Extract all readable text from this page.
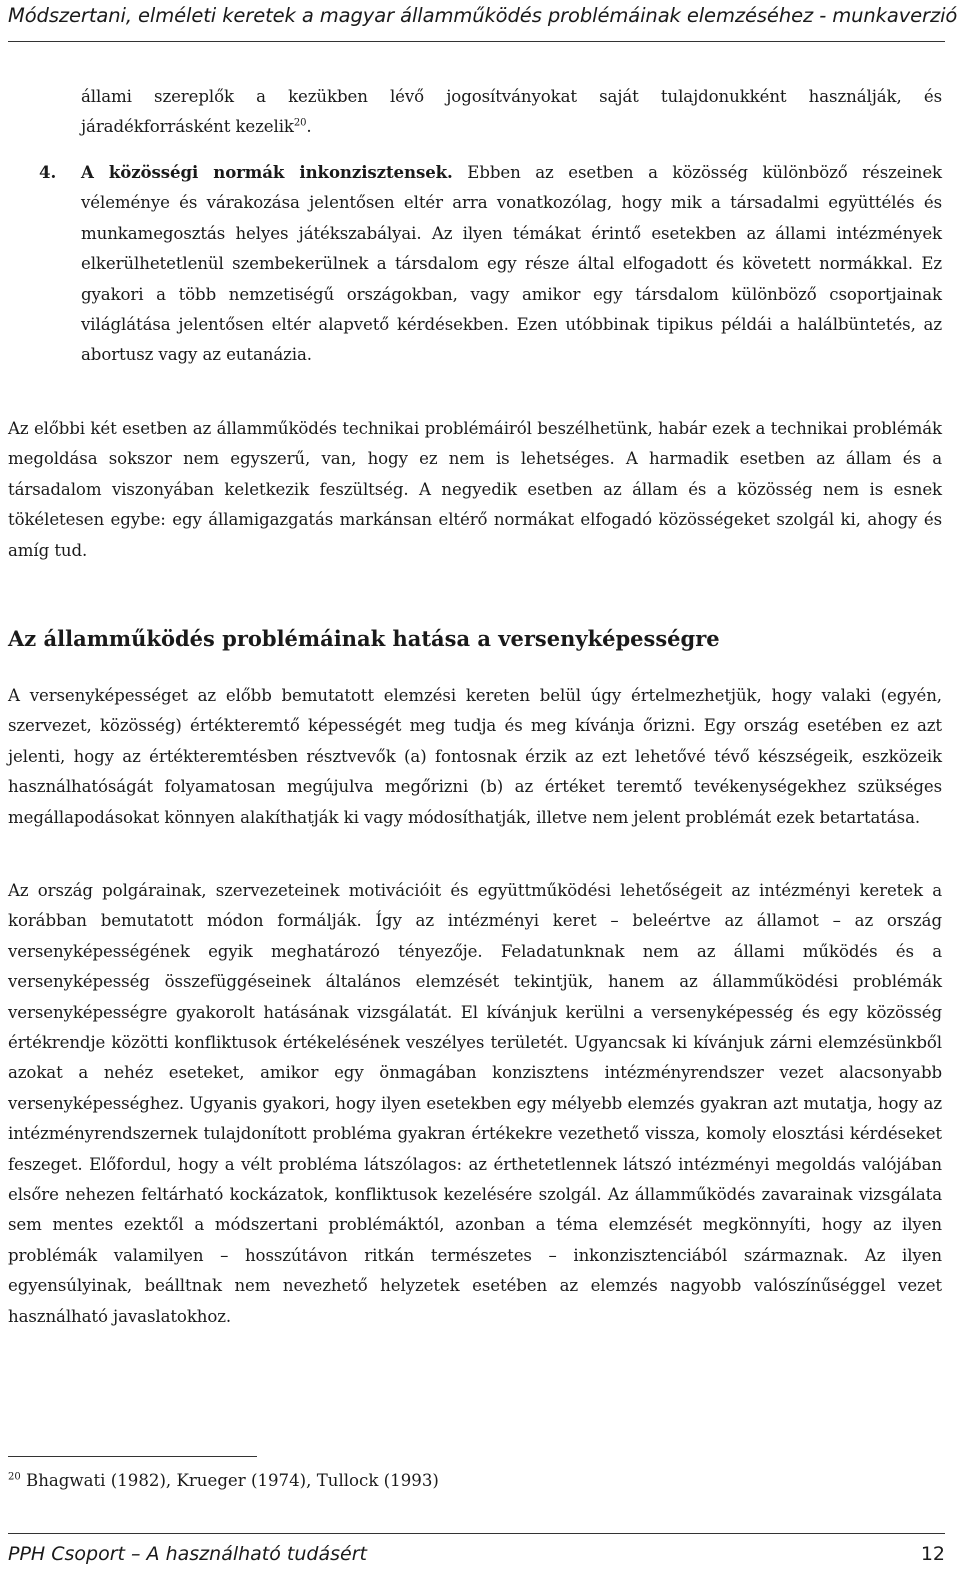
Módszertani, elméleti keretek a magyar államműködés problémáinak elemzéséhez - munkaverzió

állami szereplők a kezükben lévő jogosítványokat saját tulajdonukként használják, és járadékforrásként kezelik$^{20}$.

4. A közösségi normák inkonzisztensek. Ebben az esetben a közösség különböző részeinek véleménye és várakozása jelentősen eltér arra vonatkozólag, hogy mik a társadalmi együttélés és munkamegosztás helyes játékszabályai. Az ilyen témákat érintő esetekben az állami intézmények elkerülhetetlenül szembekerülnek a társdalom egy része által elfogadott és követett normákkal. Ez gyakori a több nemzetiségű országokban, vagy amikor egy társdalom különböző csoportjainak világlátása jelentősen eltér alapvető kérdésekben. Ezen utóbbinak tipikus példái a halálbüntetés, az abortusz vagy az eutanázia.

Az előbbi két esetben az államműködés technikai problémáiról beszélhetünk, habár ezek a technikai problémák megoldása sokszor nem egyszerű, van, hogy ez nem is lehetséges. A harmadik esetben az állam és a társadalom viszonyában keletkezik feszültség. A negyedik esetben az állam és a közösség nem is esnek tökéletesen egybe: egy államigazgatás markánsan eltérő normákat elfogadó közösségeket szolgál ki, ahogy és amíg tud.

Az államműködés problémáinak hatása a versenyképességre

A versenyképességet az előbb bemutatott elemzési kereten belül úgy értelmezhetjük, hogy valaki (egyén, szervezet, közösség) értékteremtő képességét meg tudja és meg kívánja őrizni. Egy ország esetében ez azt jelenti, hogy az értékteremtésben résztvevők (a) fontosnak érzik az ezt lehetővé tévő készségeik, eszközeik használhatóságát folyamatosan megújulva megőrizni (b) az értéket teremtő tevékenységekhez szükséges megállapodásokat könnyen alakíthatják ki vagy módosíthatják, illetve nem jelent problémát ezek betartatása.

Az ország polgárainak, szervezeteinek motivációit és együttműködési lehetőségeit az intézményi keretek a korábban bemutatott módon formálják. Így az intézményi keret – beleértve az államot – az ország versenyképességének egyik meghatározó tényezője. Feladatunknak nem az állami működés és a versenyképesség összefüggéseinek általános elemzését tekintjük, hanem az államműködési problémák versenyképességre gyakorolt hatásának vizsgálatát. El kívánjuk kerülni a versenyképesség és egy közösség értékrendje közötti konfliktusok értékelésének veszélyes területét. Ugyancsak ki kívánjuk zárni elemzésünkből azokat a nehéz eseteket, amikor egy önmagában konzisztens intézményrendszer vezet alacsonyabb versenyképességhez. Ugyanis gyakori, hogy ilyen esetekben egy mélyebb elemzés gyakran azt mutatja, hogy az intézményrendszernek tulajdonított probléma gyakran értékekre vezethető vissza, komoly elosztási kérdéseket feszeget. Előfordul, hogy a vélt probléma látszólagos: az érthetetlennek látszó intézményi megoldás valójában elsőre nehezen feltárható kockázatok, konfliktusok kezelésére szolgál. Az államműködés zavarainak vizsgálata sem mentes ezektől a módszertani problémáktól, azonban a téma elemzését megkönnyíti, hogy az ilyen problémák valamilyen – hosszútávon ritkán természetes – inkonzisztenciából származnak. Az ilyen egyensúlyinak, beálltnak nem nevezhető helyzetek esetében az elemzés nagyobb valószínűséggel vezet használható javaslatokhoz.

$^{20}$ Bhagwati (1982), Krueger (1974), Tullock (1993)

PPH Csoport – A használható tudásért	12
